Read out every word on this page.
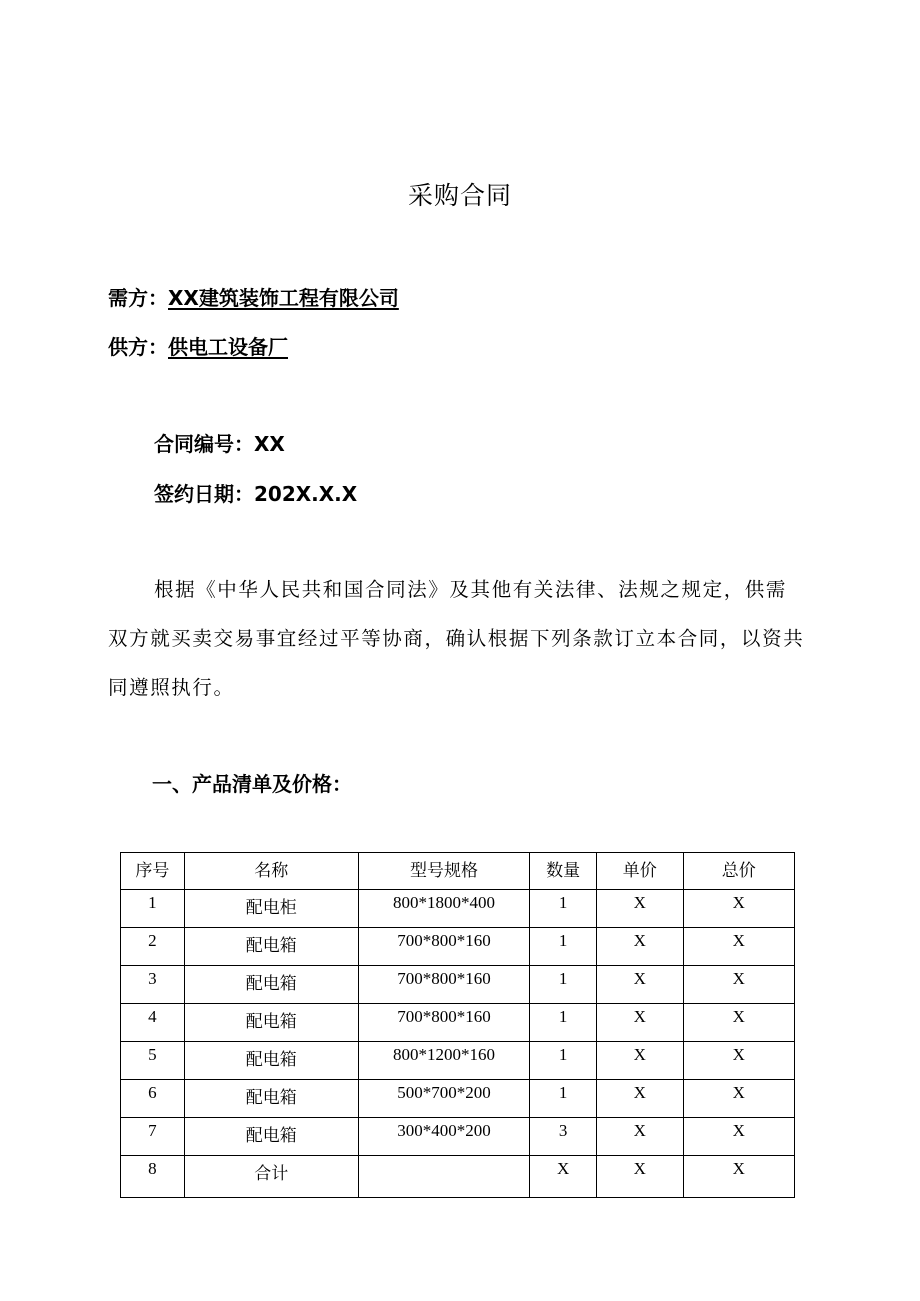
采购合同
需方：XX建筑装饰工程有限公司
供方：供电工设备厂
合同编号：XX
签约日期：202X.X.X
根据《中华人民共和国合同法》及其他有关法律、法规之规定，供需双方就买卖交易事宜经过平等协商，确认根据下列条款订立本合同，以资共同遵照执行。
一、产品清单及价格：
序号	名称	型号规格	数量	单价	总价
1	配电柜	800*1800*400	1	X	X
2	配电箱	700*800*160	1	X	X
3	配电箱	700*800*160	1	X	X
4	配电箱	700*800*160	1	X	X
5	配电箱	800*1200*160	1	X	X
6	配电箱	500*700*200	1	X	X
7	配电箱	300*400*200	3	X	X
8	合计		X	X	X
